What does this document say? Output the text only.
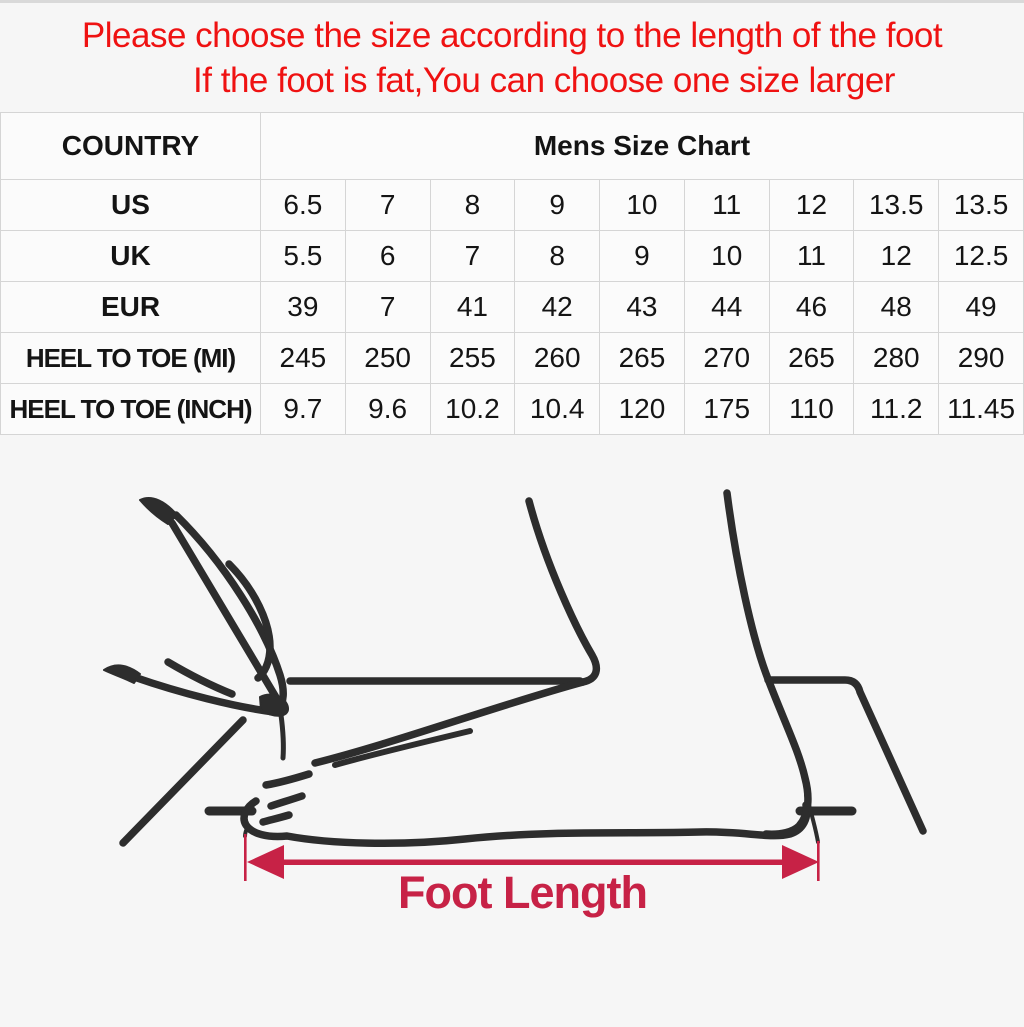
Please choose the size according to the length of the foot
If the foot is fat,You can choose one size larger
COUNTRY	Mens Size Chart								
US	6.5	7	8	9	10	11	12	13.5	13.5
UK	5.5	6	7	8	9	10	11	12	12.5
EUR	39	7	41	42	43	44	46	48	49
HEEL TO TOE (MI)	245	250	255	260	265	270	265	280	290
HEEL TO TOE (INCH)	9.7	9.6	10.2	10.4	120	175	110	11.2	11.45
Foot Length
